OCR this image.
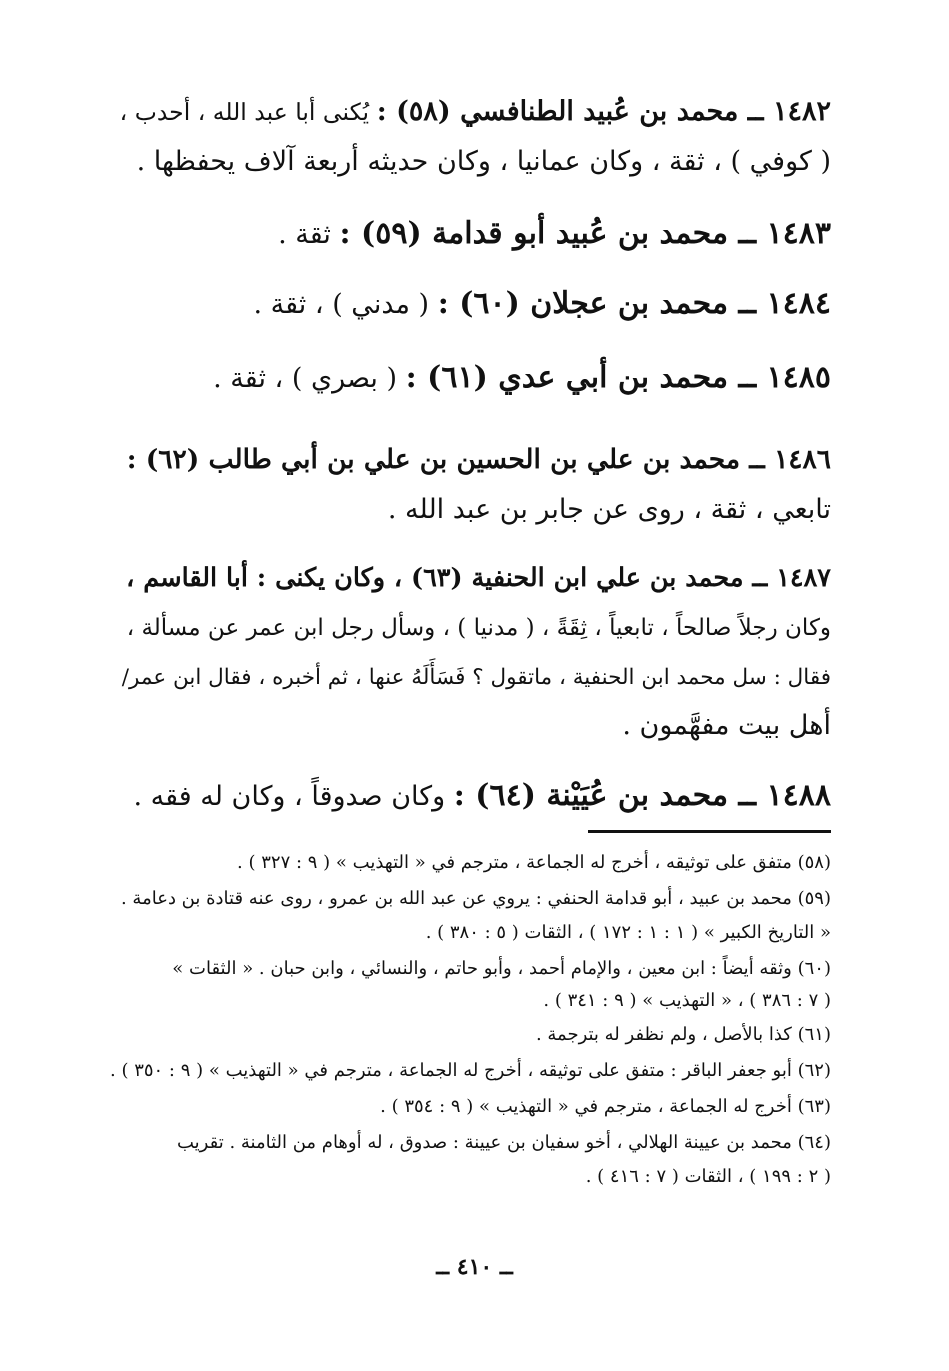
١٤٨٢ ــ محمد بن عُبيد الطنافسي (٥٨) : يُكنى أبا عبد الله ، أحدب ،
( كوفي ) ، ثقة ، وكان عمانيا ، وكان حديثه أربعة آلاف يحفظها .
١٤٨٣ ــ محمد بن عُبيد أبو قدامة (٥٩) : ثقة .
١٤٨٤ ــ محمد بن عجلان (٦٠) : ( مدني ) ، ثقة .
١٤٨٥ ــ محمد بن أبي عدي (٦١) : ( بصري ) ، ثقة .
١٤٨٦ ــ محمد بن علي بن الحسين بن علي بن أبي طالب (٦٢) :
تابعي ، ثقة ، روى عن جابر بن عبد الله .
١٤٨٧ ــ محمد بن علي ابن الحنفية (٦٣) ، وكان يكنى : أبا القاسم ،
وكان رجلاً صالحاً ، تابعياً ، ثِقَةً ، ( مدنيا ) ، وسأل رجل ابن عمر عن مسألة ،
فقال : سل محمد ابن الحنفية ، ماتقول ؟ فَسَأَلَهُ عنها ، ثم أخبره ، فقال ابن عمر/
أهل بيت مفهَّمون .
١٤٨٨ ــ محمد بن عُيَيْنة (٦٤) : وكان صدوقاً ، وكان له فقه .
(٥٨) متفق على توثيقه ، أخرج له الجماعة ، مترجم في « التهذيب » ( ٩ : ٣٢٧ ) .
(٥٩) محمد بن عبيد ، أبو قدامة الحنفي : يروي عن عبد الله بن عمرو ، روى عنه قتادة بن دعامة .
« التاريخ الكبير » ( ١ : ١ : ١٧٢ ) ، الثقات ( ٥ : ٣٨٠ ) .
(٦٠) وثقه أيضاً : ابن معين ، والإمام أحمد ، وأبو حاتم ، والنسائي ، وابن حبان . « الثقات »
( ٧ : ٣٨٦ ) ، « التهذيب » ( ٩ : ٣٤١ ) .
(٦١) كذا بالأصل ، ولم نظفر له بترجمة .
(٦٢) أبو جعفر الباقر : متفق على توثيقه ، أخرج له الجماعة ، مترجم في « التهذيب » ( ٩ : ٣٥٠ ) .
(٦٣) أخرج له الجماعة ، مترجم في « التهذيب » ( ٩ : ٣٥٤ ) .
(٦٤) محمد بن عيينة الهلالي ، أخو سفيان بن عيينة : صدوق ، له أوهام من الثامنة . تقريب
( ٢ : ١٩٩ ) ، الثقات ( ٧ : ٤١٦ ) .
ــ ٤١٠ ــ
